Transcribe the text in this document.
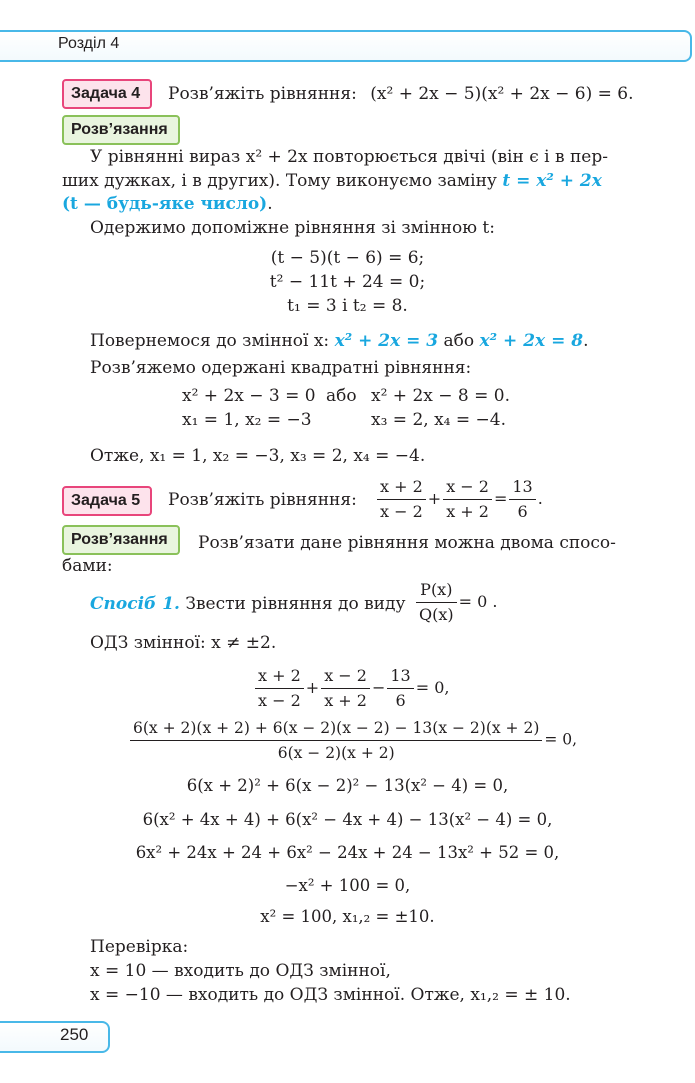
Розділ 4
Задача 4	Розв’яжіть рівняння: (x² + 2x − 5)(x² + 2x − 6) = 6.
Розв’язання
У рівнянні вираз x² + 2x повторюється двічі (він є і в пер-
ших дужках, і в других). Тому виконуємо заміну t = x² + 2x
(t — будь-яке число).
Одержимо допоміжне рівняння зі змінною t:
(t − 5)(t − 6) = 6;
t² − 11t + 24 = 0;
t₁ = 3 і t₂ = 8.
Повернемося до змінної x: x² + 2x = 3 або x² + 2x = 8.
Розв’яжемо одержані квадратні рівняння:
x² + 2x − 3 = 0 або x² + 2x − 8 = 0.
x₁ = 1, x₂ = −3	x₃ = 2, x₄ = −4.
Отже, x₁ = 1, x₂ = −3, x₃ = 2, x₄ = −4.
Задача 5	Розв’яжіть рівняння: $\frac{x + 2}{x - 2} + \frac{x - 2}{x + 2} = \frac{13}{6}$ .
Розв’язання	Розв’язати дане рівняння можна двома спосо-
бами:
Спосіб 1. Звести рівняння до виду $\frac{P(x)}{Q(x)} = 0$ .
ОДЗ змінної: x ≠ ±2.
$\frac{x + 2}{x - 2} + \frac{x - 2}{x + 2} - \frac{13}{6} = 0$,
$\frac{6(x + 2)(x + 2) + 6(x - 2)(x - 2) - 13(x - 2)(x + 2)}{6(x - 2)(x + 2)} = 0$,
6(x + 2)² + 6(x − 2)² − 13(x² − 4) = 0,
6(x² + 4x + 4) + 6(x² − 4x + 4) − 13(x² − 4) = 0,
6x² + 24x + 24 + 6x² − 24x + 24 − 13x² + 52 = 0,
−x² + 100 = 0,
x² = 100, x₁,₂ = ±10.
Перевірка:
x = 10 — входить до ОДЗ змінної,
x = −10 — входить до ОДЗ змінної. Отже, x₁,₂ = ± 10.
250
